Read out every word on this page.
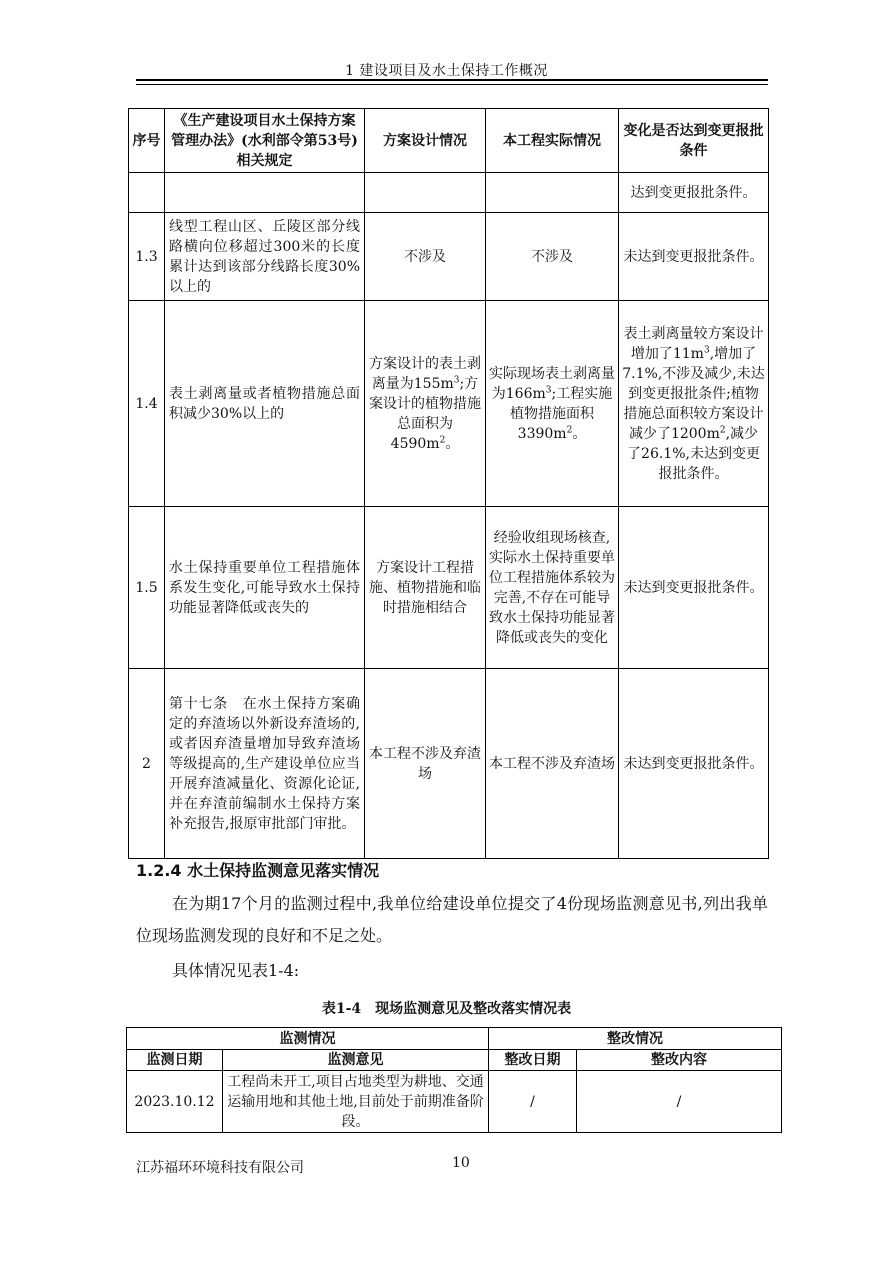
1 建设项目及水土保持工作概况
序号	《生产建设项目水土保持方案管理办法》(水利部令第53号)相关规定	方案设计情况	本工程实际情况	变化是否达到变更报批条件
				达到变更报批条件。
1.3	线型工程山区、丘陵区部分线路横向位移超过300米的长度累计达到该部分线路长度30%以上的	不涉及	不涉及	未达到变更报批条件。
1.4	表土剥离量或者植物措施总面积减少30%以上的	方案设计的表土剥离量为$155m^3$;方案设计的植物措施总面积为$4590m^2$。	实际现场表土剥离量为$166m^3$;工程实施植物措施面积$3390m^2$。	表土剥离量较方案设计增加了$11m^3$,增加了7.1%,不涉及减少,未达到变更报批条件;植物措施总面积较方案设计减少了$1200m^2$,减少了26.1%,未达到变更报批条件。
1.5	水土保持重要单位工程措施体系发生变化,可能导致水土保持功能显著降低或丧失的	方案设计工程措施、植物措施和临时措施相结合	经验收组现场核查,实际水土保持重要单位工程措施体系较为完善,不存在可能导致水土保持功能显著降低或丧失的变化	未达到变更报批条件。
2	第十七条　在水土保持方案确定的弃渣场以外新设弃渣场的,或者因弃渣量增加导致弃渣场等级提高的,生产建设单位应当开展弃渣减量化、资源化论证,并在弃渣前编制水土保持方案补充报告,报原审批部门审批。	本工程不涉及弃渣场	本工程不涉及弃渣场	未达到变更报批条件。
1.2.4 水土保持监测意见落实情况
在为期17个月的监测过程中,我单位给建设单位提交了4份现场监测意见书,列出我单位现场监测发现的良好和不足之处。
具体情况见表1-4:
表1-4　现场监测意见及整改落实情况表
监测情况		整改情况	
监测日期	监测意见	整改日期	整改内容
2023.10.12	工程尚未开工,项目占地类型为耕地、交通运输用地和其他土地,目前处于前期准备阶段。	/	/
江苏福环环境科技有限公司	10
